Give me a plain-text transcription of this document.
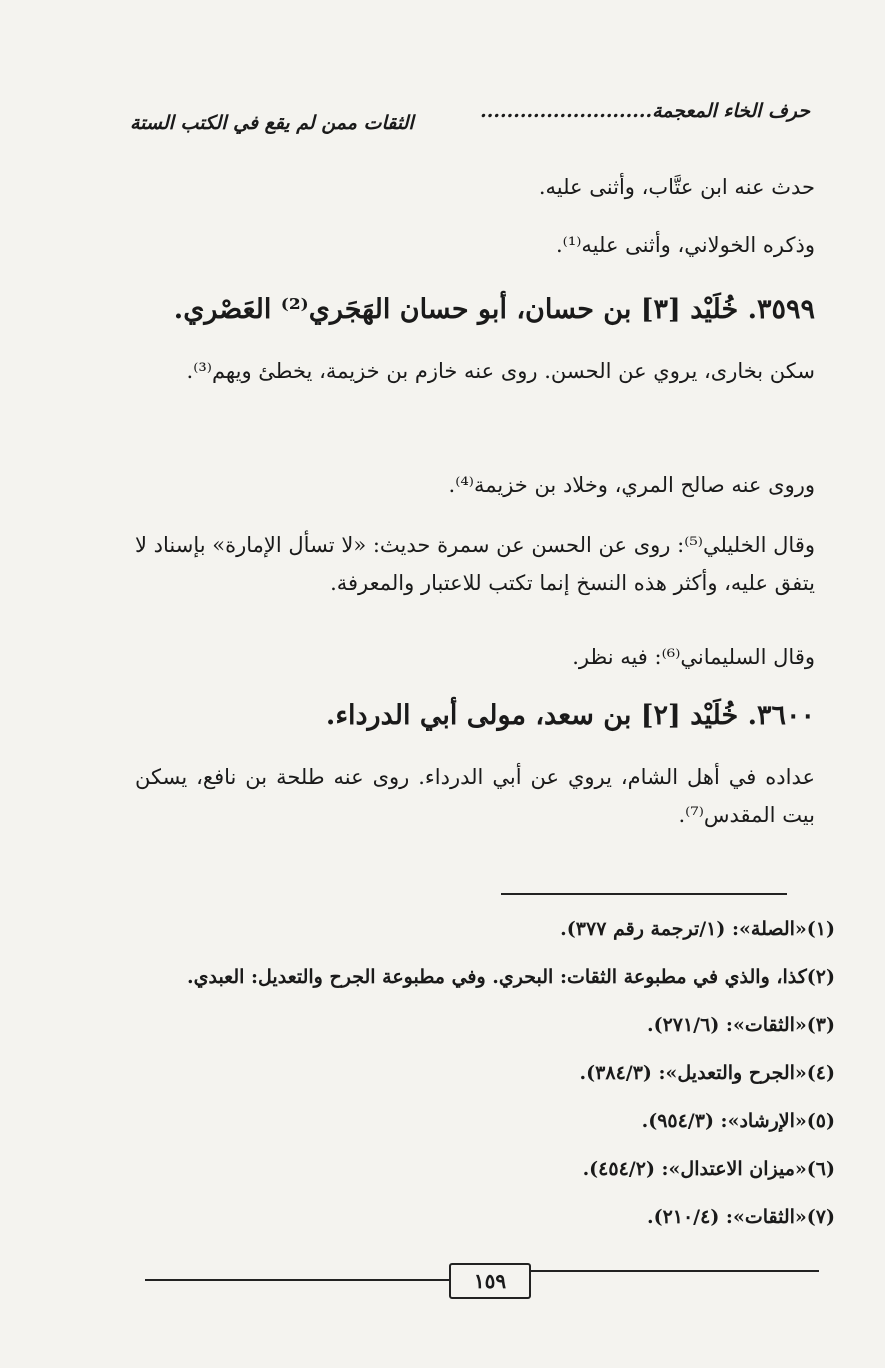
حرف الخاء المعجمة..........................
الثقات ممن لم يقع في الكتب الستة
حدث عنه ابن عتَّاب، وأثنى عليه.
وذكره الخولاني، وأثنى عليه⁽¹⁾.
٣٥٩٩. خُلَيْد [٣] بن حسان، أبو حسان الهَجَري⁽²⁾ العَصْري.
سكن بخارى، يروي عن الحسن. روى عنه خازم بن خزيمة، يخطئ ويهم⁽³⁾.
وروى عنه صالح المري، وخلاد بن خزيمة⁽⁴⁾.
وقال الخليلي⁽⁵⁾: روى عن الحسن عن سمرة حديث: «لا تسأل الإمارة» بإسناد لا يتفق عليه، وأكثر هذه النسخ إنما تكتب للاعتبار والمعرفة.
وقال السليماني⁽⁶⁾: فيه نظر.
٣٦٠٠. خُلَيْد [٢] بن سعد، مولى أبي الدرداء.
عداده في أهل الشام، يروي عن أبي الدرداء. روى عنه طلحة بن نافع، يسكن بيت المقدس⁽⁷⁾.
(١)«الصلة»: (١/ترجمة رقم ٣٧٧).
(٢)كذا، والذي في مطبوعة الثقات: البحري. وفي مطبوعة الجرح والتعديل: العبدي.
(٣)«الثقات»: (٢٧١/٦).
(٤)«الجرح والتعديل»: (٣٨٤/٣).
(٥)«الإرشاد»: (٩٥٤/٣).
(٦)«ميزان الاعتدال»: (٤٥٤/٢).
(٧)«الثقات»: (٢١٠/٤).
١٥٩
